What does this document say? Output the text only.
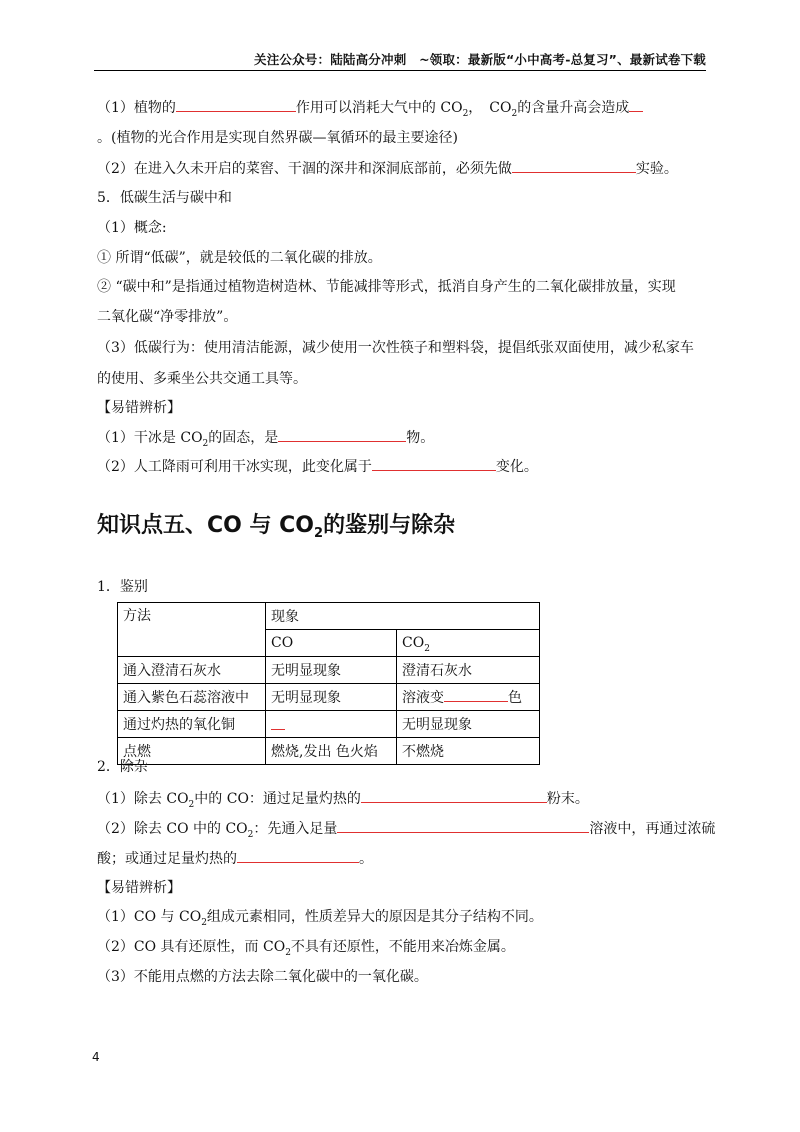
关注公众号：陆陆高分冲刺　~领取：最新版“小中高考-总复习”、最新试卷下载
（1）植物的	作用可以消耗大气中的 $CO_2$，　$CO_2$的含量升高会造成
。(植物的光合作用是实现自然界碳—氧循环的最主要途径)
（2）在进入久未开启的菜窖、干涸的深井和深洞底部前，必须先做	实验。
5．低碳生活与碳中和
（1）概念:
① 所谓“低碳”，就是较低的二氧化碳的排放。
② “碳中和”是指通过植物造树造林、节能减排等形式，抵消自身产生的二氧化碳排放量，实现
二氧化碳“净零排放”。
（3）低碳行为：使用清洁能源，减少使用一次性筷子和塑料袋，提倡纸张双面使用，减少私家车
的使用、多乘坐公共交通工具等。
【易错辨析】
（1）干冰是 $CO_2$的固态，是	物。
（2）人工降雨可利用干冰实现，此变化属于	变化。
知识点五、CO 与 $CO_2$的鉴别与除杂
1．鉴别
方法	现象	
	CO	$CO_2$
通入澄清石灰水	无明显现象	澄清石灰水
通入紫色石蕊溶液中	无明显现象	溶液变 色
通过灼热的氧化铜		无明显现象
点燃	燃烧,发出 色火焰	不燃烧
2．除杂
（1）除去 $CO_2$中的 CO：通过足量灼热的	粉末。
（2）除去 CO 中的 $CO_2$：先通入足量	溶液中，再通过浓硫
酸；或通过足量灼热的	。
【易错辨析】
（1）CO 与 $CO_2$组成元素相同，性质差异大的原因是其分子结构不同。
（2）CO 具有还原性，而 $CO_2$不具有还原性，不能用来冶炼金属。
（3）不能用点燃的方法去除二氧化碳中的一氧化碳。
4
